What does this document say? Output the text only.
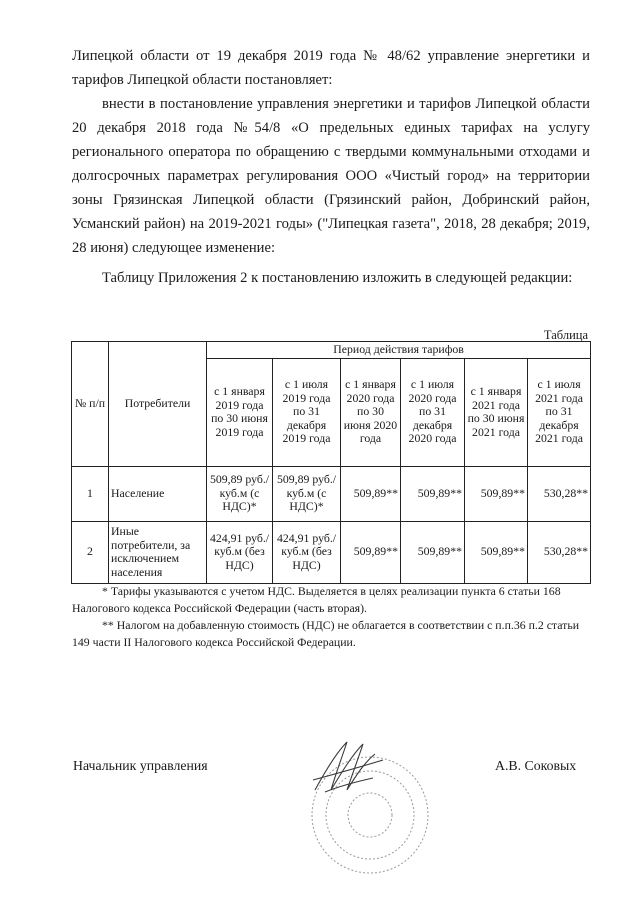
Липецкой области от 19 декабря 2019 года № 48/62 управление энергетики и тарифов Липецкой области постановляет:
внести в постановление управления энергетики и тарифов Липецкой области 20 декабря 2018 года №54/8 «О предельных единых тарифах на услугу регионального оператора по обращению с твердыми коммунальными отходами и долгосрочных параметрах регулирования ООО «Чистый город» на территории зоны Грязинская Липецкой области (Грязинский район, Добринский район, Усманский район) на 2019-2021 годы» ("Липецкая газета", 2018, 28 декабря; 2019, 28 июня) следующее изменение:
Таблицу Приложения 2 к постановлению изложить в следующей редакции:
Таблица
№ п/п	Потребители	Период действия тарифов					
		с 1 января 2019 года по 30 июня 2019 года	с 1 июля 2019 года по 31 декабря 2019 года	с 1 января 2020 года по 30 июня 2020 года	с 1 июля 2020 года по 31 декабря 2020 года	с 1 января 2021 года по 30 июня 2021 года	с 1 июля 2021 года по 31 декабря 2021 года
1	Население	509,89 руб./куб.м (с НДС)*	509,89 руб./куб.м (с НДС)*	509,89**	509,89**	509,89**	530,28**
2	Иные потребители, за исключением населения	424,91 руб./куб.м (без НДС)	424,91 руб./куб.м (без НДС)	509,89**	509,89**	509,89**	530,28**
* Тарифы указываются с учетом НДС. Выделяется в целях реализации пункта 6 статьи 168 Налогового кодекса Российской Федерации (часть вторая).
** Налогом на добавленную стоимость (НДС) не облагается в соответствии с п.п.36 п.2 статьи 149 части II Налогового кодекса Российской Федерации.
Начальник управления	А.В. Соковых
